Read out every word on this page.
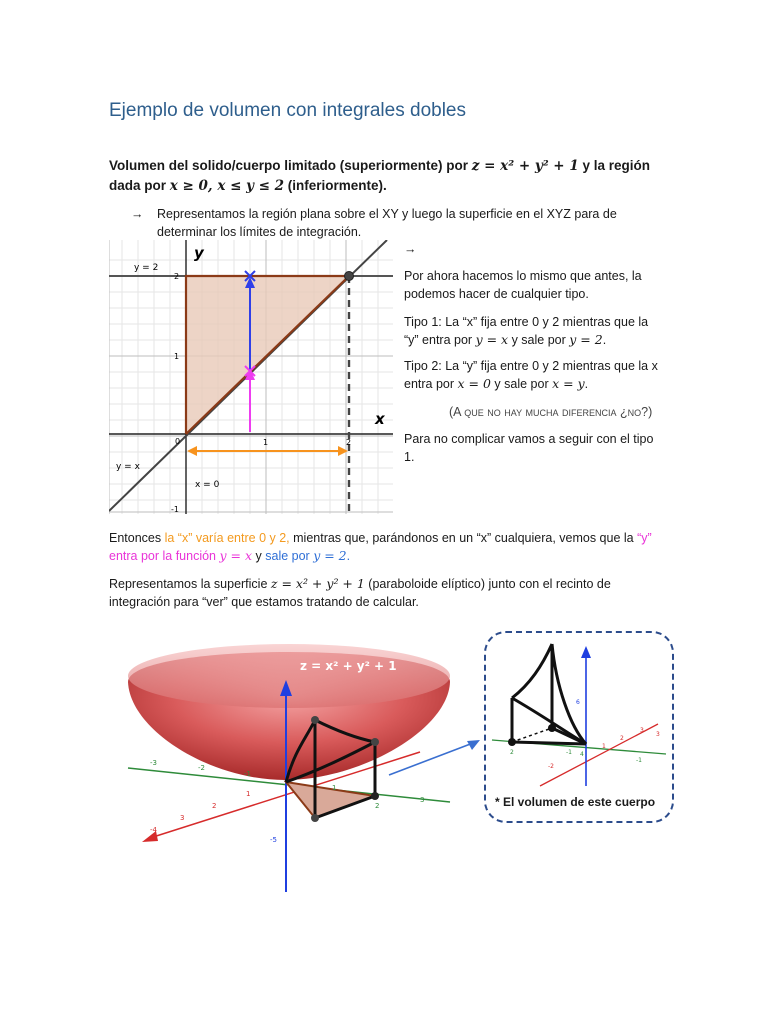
Ejemplo de volumen con integrales dobles
Volumen del solido/cuerpo limitado (superiormente) por z = x² + y² + 1 y la región dada por x ≥ 0, x ≤ y ≤ 2 (inferiormente).
→ Representamos la región plana sobre el XY y luego la superficie en el XYZ para de determinar los límites de integración.
y
x
y = 2
y = x
x = 0
1	2
1
2
-1
0
→
Por ahora hacemos lo mismo que antes, la podemos hacer de cualquier tipo.
Tipo 1: La “x” fija entre 0 y 2 mientras que la “y” entra por y = x y sale por y = 2.
Tipo 2: La “y” fija entre 0 y 2 mientras que la x entra por x = 0 y sale por x = y.
(A que no hay mucha diferencia ¿no?)
Para no complicar vamos a seguir con el tipo 1.
Entonces la “x” varía entre 0 y 2, mientras que, parándonos en un “x” cualquiera, vemos que la “y” entra por la función y = x y sale por y = 2.
Representamos la superficie z = x² + y² + 1 (paraboloide elíptico) junto con el recinto de integración para “ver” que estamos tratando de calcular.
z = x² + y² + 1
-3
-2
-1
1
2
3
-4
2
1
3
-5
6
2	-1
-2
1
2
3
-1
4
3
* El volumen de este cuerpo
